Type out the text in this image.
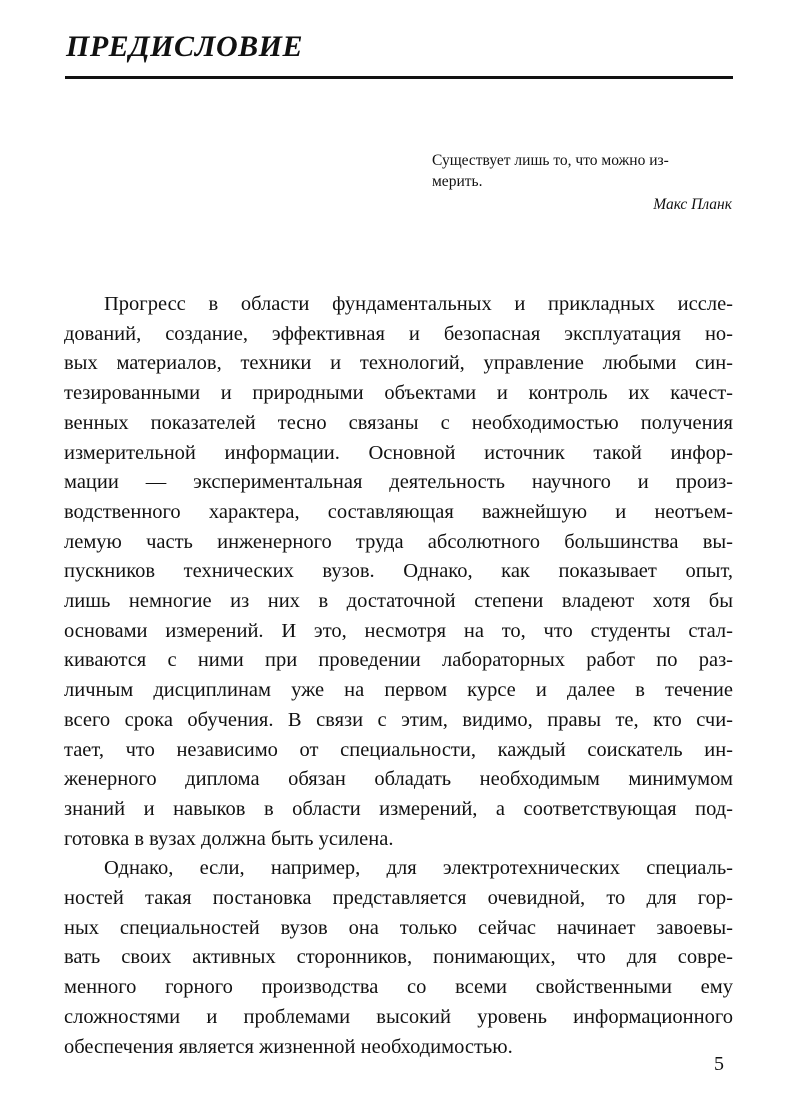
ПРЕДИСЛОВИЕ
Существует лишь то, что можно из-
мерить.
Макс Планк

Прогресс в области фундаментальных и прикладных иссле-
дований, создание, эффективная и безопасная эксплуатация но-
вых материалов, техники и технологий, управление любыми син-
тезированными и природными объектами и контроль их качест-
венных показателей тесно связаны с необходимостью получения
измерительной информации. Основной источник такой инфор-
мации — экспериментальная деятельность научного и произ-
водственного характера, составляющая важнейшую и неотъем-
лемую часть инженерного труда абсолютного большинства вы-
пускников технических вузов. Однако, как показывает опыт,
лишь немногие из них в достаточной степени владеют хотя бы
основами измерений. И это, несмотря на то, что студенты стал-
киваются с ними при проведении лабораторных работ по раз-
личным дисциплинам уже на первом курсе и далее в течение
всего срока обучения. В связи с этим, видимо, правы те, кто счи-
тает, что независимо от специальности, каждый соискатель ин-
женерного диплома обязан обладать необходимым минимумом
знаний и навыков в области измерений, а соответствующая под-
готовка в вузах должна быть усилена.

Однако, если, например, для электротехнических специаль-
ностей такая постановка представляется очевидной, то для гор-
ных специальностей вузов она только сейчас начинает завоевы-
вать своих активных сторонников, понимающих, что для совре-
менного горного производства со всеми свойственными ему
сложностями и проблемами высокий уровень информационного
обеспечения является жизненной необходимостью.

5
